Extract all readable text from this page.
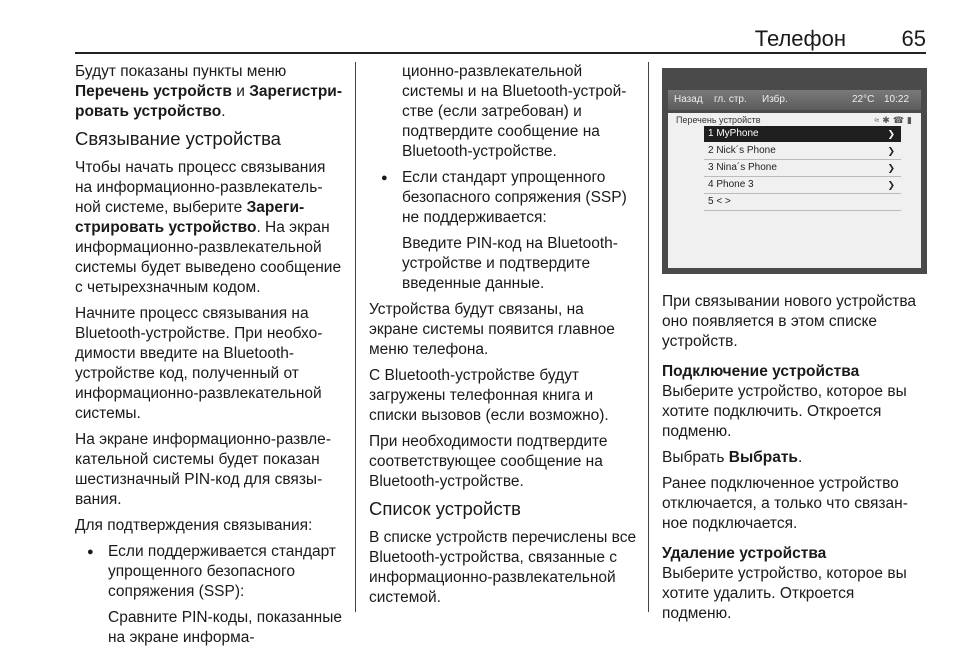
Телефон	65

Будут показаны пункты меню Перечень устройств и Зарегистрировать устройство.

Связывание устройства

Чтобы начать процесс связывания на информационно-развлекательной системе, выберите Зарегистрировать устройство. На экран информационно-развлекательной системы будет выведено сообщение с четырехзначным кодом.

Начните процесс связывания на Bluetooth-устройстве. При необходимости введите на Bluetooth-устройстве код, полученный от информационно-развлекательной системы.

На экране информационно-развлекательной системы будет показан шестизначный PIN-код для связывания.

Для подтверждения связывания:

● Если поддерживается стандарт упрощенного безопасного сопряжения (SSP):
Сравните PIN-коды, показанные на экране информа-
ционно-развлекательной системы и на Bluetooth-устройстве (если затребован) и подтвердите сообщение на Bluetooth-устройстве.
● Если стандарт упрощенного безопасного сопряжения (SSP) не поддерживается:
Введите PIN-код на Bluetooth-устройстве и подтвердите введенные данные.

Устройства будут связаны, на экране системы появится главное меню телефона.

С Bluetooth-устройстве будут загружены телефонная книга и списки вызовов (если возможно).

При необходимости подтвердите соответствующее сообщение на Bluetooth-устройстве.

Список устройств

В списке устройств перечислены все Bluetooth-устройства, связанные с информационно-развлекательной системой.

Назад гл. стр. Избр.	22°C 10:22
Перечень устройств	≈✱☎▮
1 MyPhone	❯
2 Nick´s Phone	❯
3 Nina´s Phone	❯
4 Phone 3	❯
5 < >

При связывании нового устройства оно появляется в этом списке устройств.

Подключение устройства

Выберите устройство, которое вы хотите подключить. Откроется подменю.

Выбрать Выбрать.

Ранее подключенное устройство отключается, а только что связанное подключается.

Удаление устройства

Выберите устройство, которое вы хотите удалить. Откроется подменю.
